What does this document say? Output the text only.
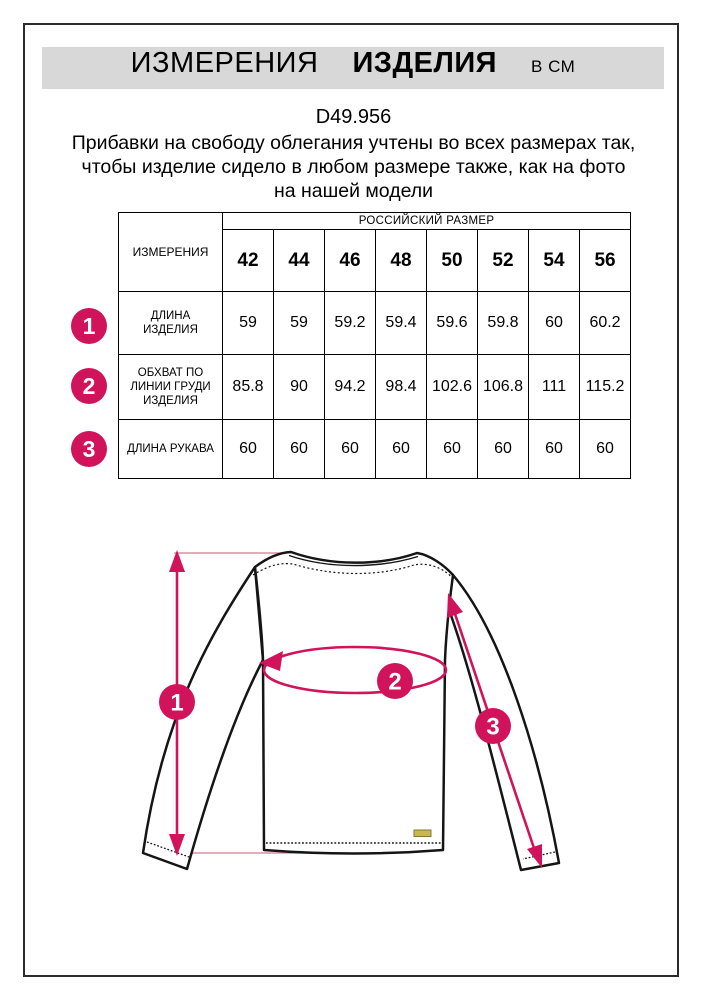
ИЗМЕРЕНИЯ ИЗДЕЛИЯ В СМ
D49.956
Прибавки на свободу облегания учтены во всех размерах так,
чтобы изделие сидело в любом размере также, как на фото
на нашей модели
ИЗМЕРЕНИЯ	РОССИЙСКИЙ РАЗМЕР							
	42	44	46	48	50	52	54	56
ДЛИНА ИЗДЕЛИЯ	59	59	59.2	59.4	59.6	59.8	60	60.2
ОБХВАТ ПО ЛИНИИ ГРУДИ ИЗДЕЛИЯ	85.8	90	94.2	98.4	102.6	106.8	111	115.2
ДЛИНА РУКАВА	60	60	60	60	60	60	60	60
1
2
3
1
2
3
